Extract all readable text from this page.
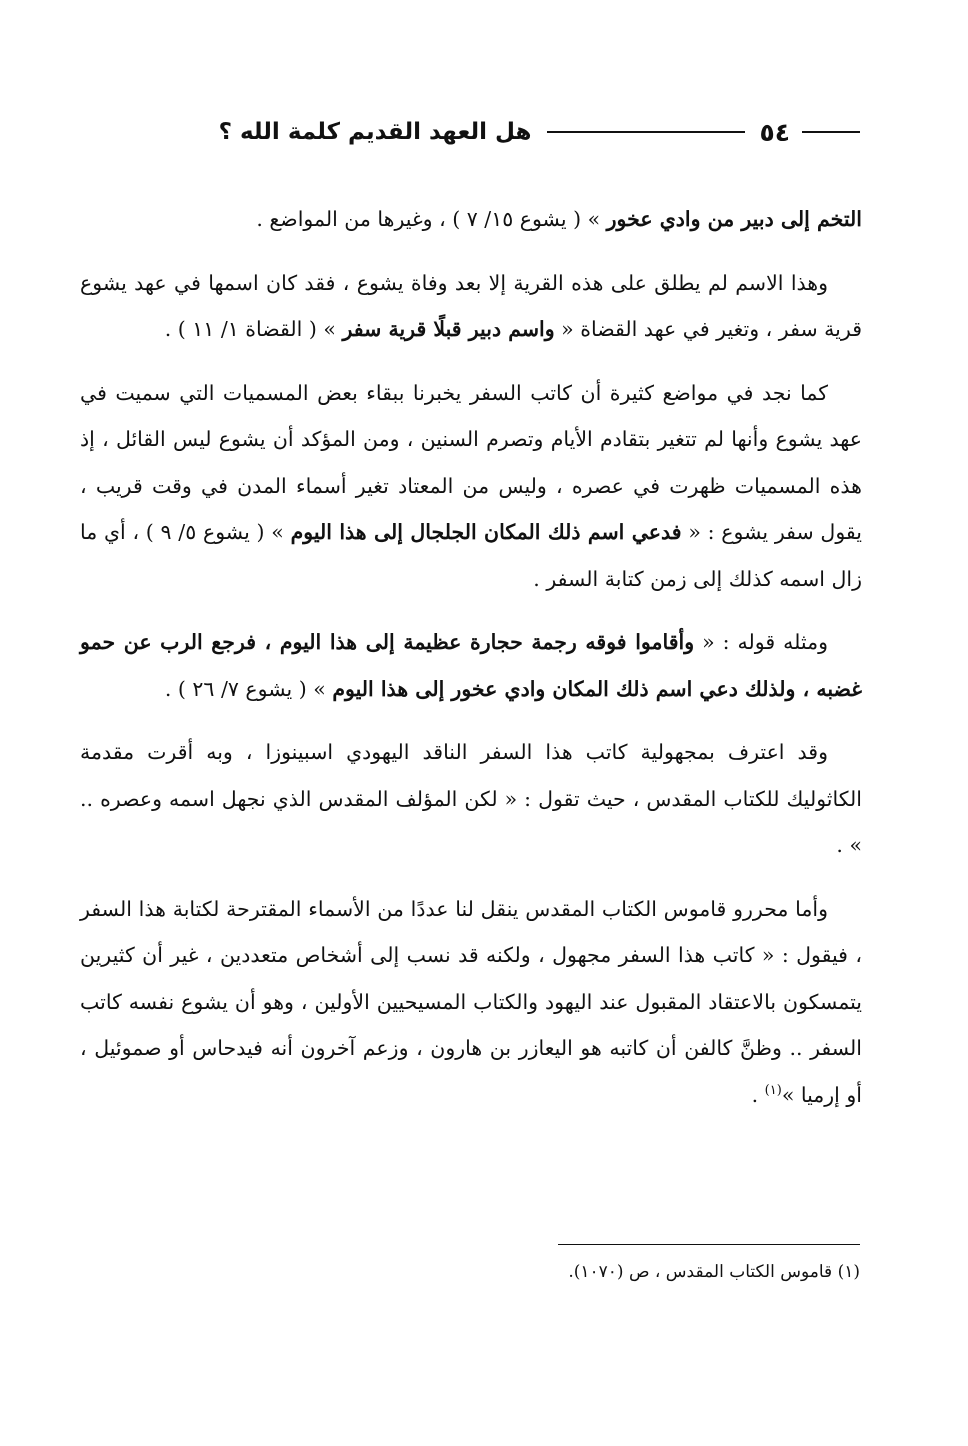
٥٤
هل العهد القديم كلمة الله ؟

التخم إلى دبير من وادي عخور » ( يشوع ١٥/ ٧ ) ، وغيرها من المواضع .

وهذا الاسم لم يطلق على هذه القرية إلا بعد وفاة يشوع ، فقد كان اسمها في عهد يشوع قرية سفر ، وتغير في عهد القضاة « واسم دبير قبلًا قرية سفر » ( القضاة ١/ ١١ ) .

كما نجد في مواضع كثيرة أن كاتب السفر يخبرنا ببقاء بعض المسميات التي سميت في عهد يشوع وأنها لم تتغير بتقادم الأيام وتصرم السنين ، ومن المؤكد أن يشوع ليس القائل ، إذ هذه المسميات ظهرت في عصره ، وليس من المعتاد تغير أسماء المدن في وقت قريب ، يقول سفر يشوع : « فدعي اسم ذلك المكان الجلجال إلى هذا اليوم » ( يشوع ٥/ ٩ ) ، أي ما زال اسمه كذلك إلى زمن كتابة السفر .

ومثله قوله : « وأقاموا فوقه رجمة حجارة عظيمة إلى هذا اليوم ، فرجع الرب عن حمو غضبه ، ولذلك دعي اسم ذلك المكان وادي عخور إلى هذا اليوم » ( يشوع ٧/ ٢٦ ) .

وقد اعترف بمجهولية كاتب هذا السفر الناقد اليهودي اسبينوزا ، وبه أقرت مقدمة الكاثوليك للكتاب المقدس ، حيث تقول : « لكن المؤلف المقدس الذي نجهل اسمه وعصره .. » .

وأما محررو قاموس الكتاب المقدس ينقل لنا عددًا من الأسماء المقترحة لكتابة هذا السفر ، فيقول : « كاتب هذا السفر مجهول ، ولكنه قد نسب إلى أشخاص متعددين ، غير أن كثيرين يتمسكون بالاعتقاد المقبول عند اليهود والكتاب المسيحيين الأولين ، وهو أن يشوع نفسه كاتب السفر .. وظنَّ كالفن أن كاتبه هو اليعازر بن هارون ، وزعم آخرون أنه فيدحاس أو صموئيل ، أو إرميا »$^{(١)}$ .

(١) قاموس الكتاب المقدس ، ص (١٠٧٠).
